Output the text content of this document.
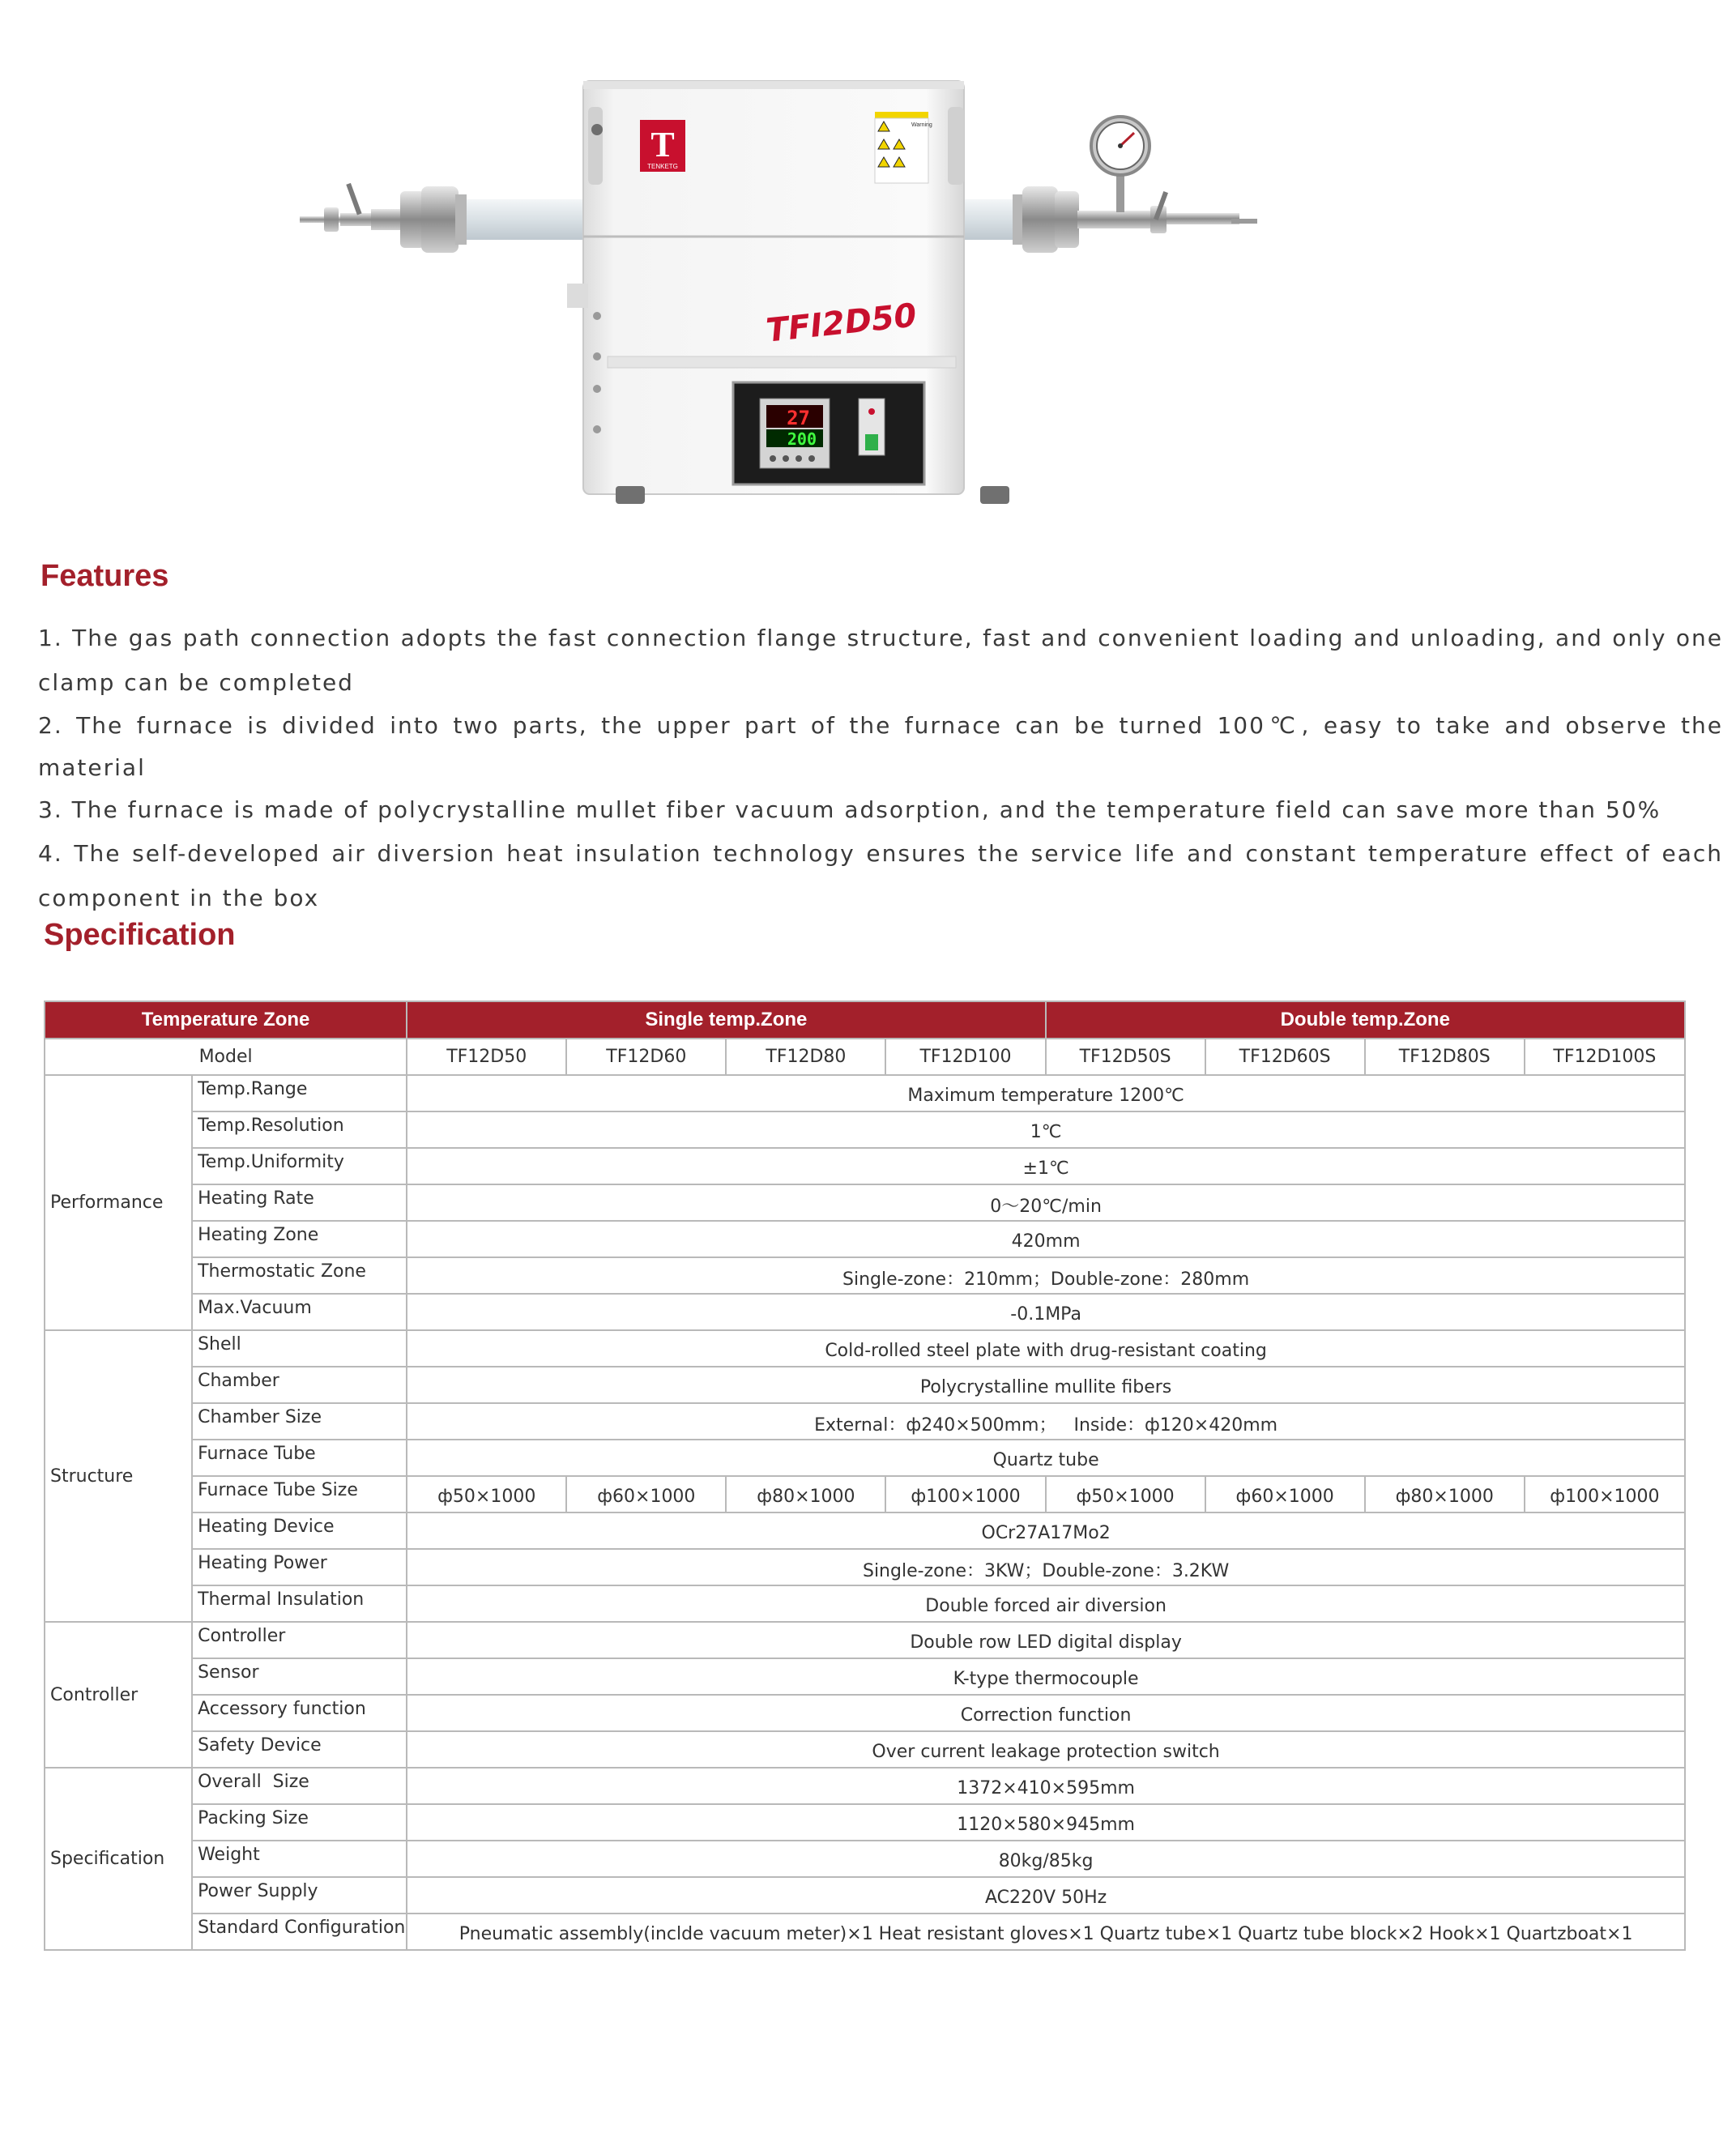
T
TENKETG
Warning
TFI2D50
27
200
Features
1. The gas path connection adopts the fast connection flange structure, fast and convenient loading and unloading, and only one clamp can be completed
2. The furnace is divided into two parts, the upper part of the furnace can be turned 100℃, easy to take and observe the material
3. The furnace is made of polycrystalline mullet fiber vacuum adsorption, and the temperature field can save more than 50%
4. The self-developed air diversion heat insulation technology ensures the service life and constant temperature effect of each component in the box
Specification
Temperature Zone		Single temp.Zone				Double temp.Zone			
Model		TF12D50	TF12D60	TF12D80	TF12D100	TF12D50S	TF12D60S	TF12D80S	TF12D100S
Performance	Temp.Range	Maximum temperature 1200℃							
	Temp.Resolution	1℃							
	Temp.Uniformity	±1℃							
	Heating Rate	0～20℃/min							
	Heating Zone	420mm							
	Thermostatic Zone	Single-zone：210mm；Double-zone：280mm							
	Max.Vacuum	-0.1MPa							
Structure	Shell	Cold-rolled steel plate with drug-resistant coating							
	Chamber	Polycrystalline mullite fibers							
	Chamber Size	External：ф240×500mm；   Inside：ф120×420mm							
	Furnace Tube	Quartz tube							
	Furnace Tube Size	ф50×1000	ф60×1000	ф80×1000	ф100×1000	ф50×1000	ф60×1000	ф80×1000	ф100×1000
	Heating Device	OCr27A17Mo2							
	Heating Power	Single-zone：3KW；Double-zone：3.2KW							
	Thermal Insulation	Double forced air diversion							
Controller	Controller	Double row LED digital display							
	Sensor	K-type thermocouple							
	Accessory function	Correction function							
	Safety Device	Over current leakage protection switch							
Specification	Overall  Size	1372×410×595mm							
	Packing Size	1120×580×945mm							
	Weight	80kg/85kg							
	Power Supply	AC220V 50Hz							
	Standard Configuration	Pneumatic assembly(inclde vacuum meter)×1 Heat resistant gloves×1 Quartz tube×1 Quartz tube block×2 Hook×1 Quartzboat×1							
